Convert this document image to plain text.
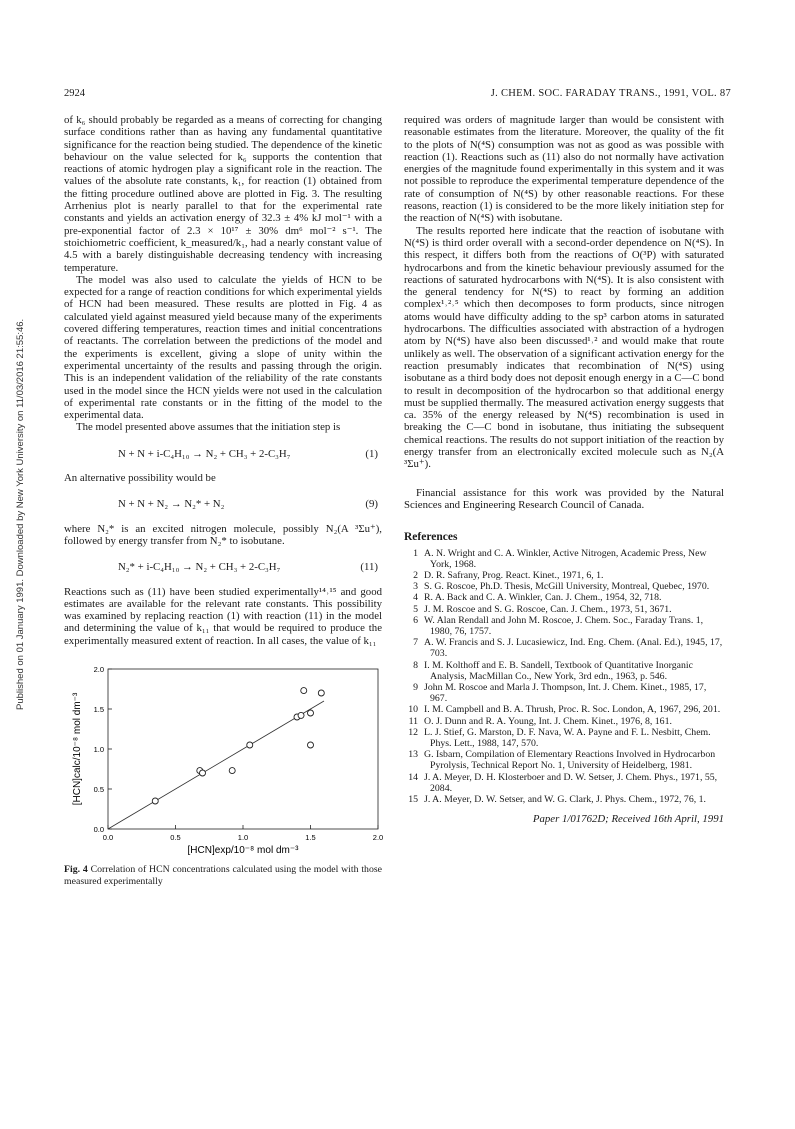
Published on 01 January 1991. Downloaded by New York University on 11/03/2016 21:55:46.
2924	J. CHEM. SOC. FARADAY TRANS., 1991, VOL. 87

of k₆ should probably be regarded as a means of correcting for changing surface conditions rather than as having any fundamental quantitative significance for the reaction being studied. The dependence of the kinetic behaviour on the value selected for k₆ supports the contention that reactions of atomic hydrogen play a significant role in the reaction. The values of the absolute rate constants, k₁, for reaction (1) obtained from the fitting procedure outlined above are plotted in Fig. 3. The resulting Arrhenius plot is nearly parallel to that for the experimental rate constants and yields an activation energy of 32.3 ± 4% kJ mol⁻¹ with a pre-exponential factor of 2.3 × 10¹⁷ ± 30% dm⁶ mol⁻² s⁻¹. The stoichiometric coefficient, k_measured/k₁, had a nearly constant value of 4.5 with a barely distinguishable decreasing tendency with increasing temperature.

The model was also used to calculate the yields of HCN to be expected for a range of reaction conditions for which experimental yields of HCN had been measured. These results are plotted in Fig. 4 as calculated yield against measured yield because many of the experiments covered differing temperatures, reaction times and initial concentrations of reactants. The correlation between the predictions of the model and the experiments is excellent, giving a slope of unity within the experimental uncertainty of the results and passing through the origin. This is an independent validation of the reliability of the rate constants used in the model since the HCN yields were not used in the calculation of experimental rate constants or in the fitting of the model to the experimental data.

The model presented above assumes that the initiation step is

N + N + i-C₄H₁₀ → N₂ + CH₃ + 2-C₃H₇	(1)

An alternative possibility would be

N + N + N₂ → N₂* + N₂	(9)

where N₂* is an excited nitrogen molecule, possibly N₂(A ³Σu⁺), followed by energy transfer from N₂* to isobutane.

N₂* + i-C₄H₁₀ → N₂ + CH₃ + 2-C₃H₇	(11)

Reactions such as (11) have been studied experimentally¹⁴˒¹⁵ and good estimates are available for the relevant rate constants. This possibility was examined by replacing reaction (1) with reaction (11) in the model and determining the value of k₁₁ that would be required to produce the experimentally measured extent of reaction. In all cases, the value of k₁₁

0.0	0.5	1.0	1.5	2.0
0.0
0.5
1.0
1.5
2.0
[HCN]exp/10⁻⁸ mol dm⁻³
[HCN]calc/10⁻⁸ mol dm⁻³
Fig. 4 Correlation of HCN concentrations calculated using the model with those measured experimentally

required was orders of magnitude larger than would be consistent with reasonable estimates from the literature. Moreover, the quality of the fit to the plots of N(⁴S) consumption was not as good as was possible with reaction (1). Reactions such as (11) also do not normally have activation energies of the magnitude found experimentally in this system and it was not possible to reproduce the experimental temperature dependence of the rate of consumption of N(⁴S) by other reasonable reactions. For these reasons, reaction (1) is considered to be the more likely initiation step for the reaction of N(⁴S) with isobutane.

The results reported here indicate that the reaction of isobutane with N(⁴S) is third order overall with a second-order dependence on N(⁴S). In this respect, it differs both from the reactions of O(³P) with saturated hydrocarbons and from the kinetic behaviour previously assumed for the reactions of saturated hydrocarbons with N(⁴S). It is also consistent with the general tendency for N(⁴S) to react by forming an addition complex¹˒²˒⁵ which then decomposes to form products, since nitrogen atoms would have difficulty adding to the sp³ carbon atoms in saturated hydrocarbons. The difficulties associated with abstraction of a hydrogen atom by N(⁴S) have also been discussed¹˒² and would make that route unlikely as well. The observation of a significant activation energy for the reaction presumably indicates that recombination of N(⁴S) using isobutane as a third body does not deposit enough energy in a C—C bond to result in decomposition of the hydrocarbon so that additional energy must be supplied thermally. The measured activation energy suggests that ca. 35% of the energy released by N(⁴S) recombination is used in breaking the C—C bond in isobutane, thus initiating the subsequent chemical reactions. The results do not support initiation of the reaction by energy transfer from an electronically excited molecule such as N₂(A ³Σu⁺).

Financial assistance for this work was provided by the Natural Sciences and Engineering Research Council of Canada.

References
1 A. N. Wright and C. A. Winkler, Active Nitrogen, Academic Press, New York, 1968.
2 D. R. Safrany, Prog. React. Kinet., 1971, 6, 1.
3 S. G. Roscoe, Ph.D. Thesis, McGill University, Montreal, Quebec, 1970.
4 R. A. Back and C. A. Winkler, Can. J. Chem., 1954, 32, 718.
5 J. M. Roscoe and S. G. Roscoe, Can. J. Chem., 1973, 51, 3671.
6 W. Alan Rendall and John M. Roscoe, J. Chem. Soc., Faraday Trans. 1, 1980, 76, 1757.
7 A. W. Francis and S. J. Lucasiewicz, Ind. Eng. Chem. (Anal. Ed.), 1945, 17, 703.
8 I. M. Kolthoff and E. B. Sandell, Textbook of Quantitative Inorganic Analysis, MacMillan Co., New York, 3rd edn., 1963, p. 546.
9 John M. Roscoe and Marla J. Thompson, Int. J. Chem. Kinet., 1985, 17, 967.
10 I. M. Campbell and B. A. Thrush, Proc. R. Soc. London, A, 1967, 296, 201.
11 O. J. Dunn and R. A. Young, Int. J. Chem. Kinet., 1976, 8, 161.
12 L. J. Stief, G. Marston, D. F. Nava, W. A. Payne and F. L. Nesbitt, Chem. Phys. Lett., 1988, 147, 570.
13 G. Isbarn, Compilation of Elementary Reactions Involved in Hydrocarbon Pyrolysis, Technical Report No. 1, University of Heidelberg, 1981.
14 J. A. Meyer, D. H. Klosterboer and D. W. Setser, J. Chem. Phys., 1971, 55, 2084.
15 J. A. Meyer, D. W. Setser, and W. G. Clark, J. Phys. Chem., 1972, 76, 1.
Paper 1/01762D; Received 16th April, 1991
